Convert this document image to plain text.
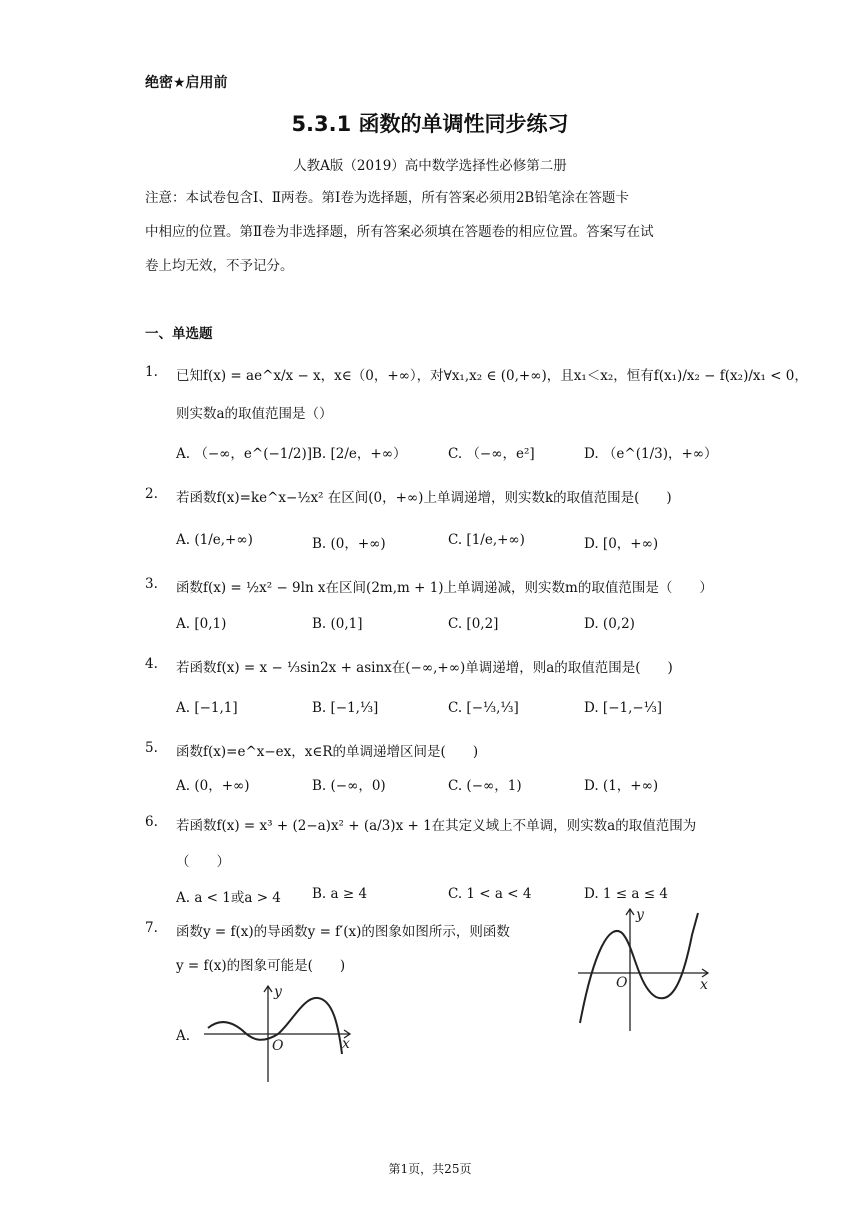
绝密★启用前
5.3.1 函数的单调性同步练习
人教A版（2019）高中数学选择性必修第二册
注意：本试卷包含Ⅰ、Ⅱ两卷。第Ⅰ卷为选择题，所有答案必须用2B铅笔涂在答题卡
中相应的位置。第Ⅱ卷为非选择题，所有答案必须填在答题卷的相应位置。答案写在试
卷上均无效，不予记分。
一、单选题
1. 已知f(x) = ae^x/x − x，x∈（0，+∞），对∀x₁,x₂ ∈ (0,+∞)，且x₁＜x₂，恒有f(x₁)/x₂ − f(x₂)/x₁ < 0，
则实数a的取值范围是（）
A. （−∞，e^(−1/2)] B. [2/e，+∞）	C. （−∞，e²]	D. （e^(1/3)，+∞）
2. 若函数f(x)=ke^x−½x² 在区间(0，+∞)上单调递增，则实数k的取值范围是(　　)
A. (1/e,+∞)	B. (0，+∞)	C. [1/e,+∞)	D. [0，+∞)
3. 函数f(x) = ½x² − 9ln x在区间(2m,m + 1)上单调递减，则实数m的取值范围是（　　）
A. [0,1)	B. (0,1]	C. [0,2]	D. (0,2)
4. 若函数f(x) = x − ⅓sin2x + asinx在(−∞,+∞)单调递增，则a的取值范围是(　　)
A. [−1,1]	B. [−1,⅓]	C. [−⅓,⅓]	D. [−1,−⅓]
5. 函数f(x)=e^x−ex，x∈R的单调递增区间是(　　)
A. (0，+∞)	B. (−∞，0)	C. (−∞，1)	D. (1，+∞)
6. 若函数f(x) = x³ + (2−a)x² + (a/3)x + 1在其定义域上不单调，则实数a的取值范围为
（　　）
A. a < 1或a > 4 B. a ≥ 4	C. 1 < a < 4	D. 1 ≤ a ≤ 4
7. 函数y = f(x)的导函数y = f′(x)的图象如图所示，则函数
y = f(x)的图象可能是(　　)
A.
y
x
O
y
x
O
第1页，共25页
